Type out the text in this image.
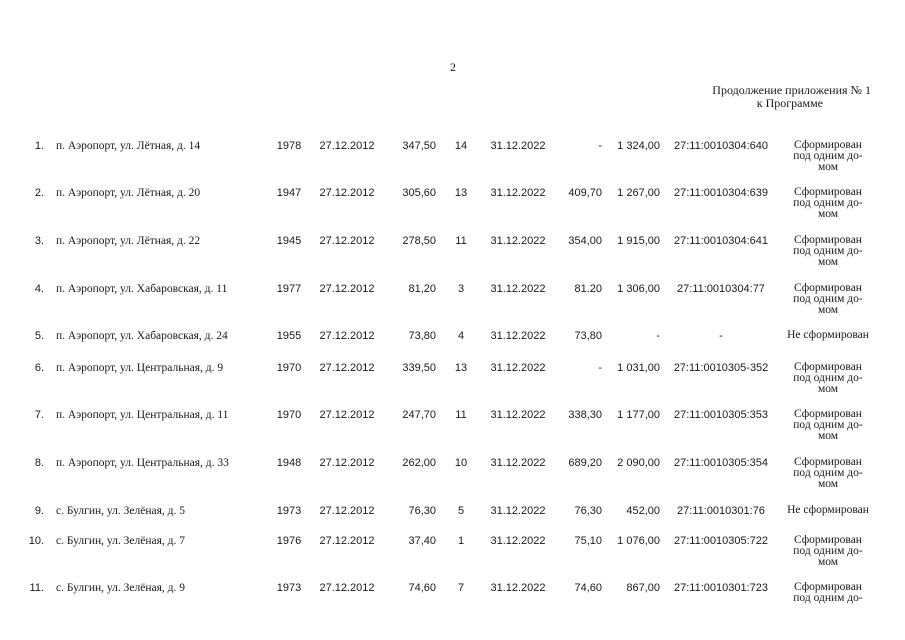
2
Продолжение приложения № 1
к Программе
1. п. Аэропорт, ул. Лётная, д. 14	1978	27.12.2012	347,50	14	31.12.2022	-	1 324,00	27:11:0010304:640	Сформирован
под одним до-
мом
2. п. Аэропорт, ул. Лётная, д. 20	1947	27.12.2012	305,60	13	31.12.2022	409,70	1 267,00	27:11:0010304:639	Сформирован
под одним до-
мом
3. п. Аэропорт, ул. Лётная, д. 22	1945	27.12.2012	278,50	11	31.12.2022	354,00	1 915,00	27:11:0010304:641	Сформирован
под одним до-
мом
4. п. Аэропорт, ул. Хабаровская, д. 11	1977	27.12.2012	81,20	3	31.12.2022	81.20	1 306,00	27:11:0010304:77	Сформирован
под одним до-
мом
5. п. Аэропорт, ул. Хабаровская, д. 24	1955	27.12.2012	73,80	4	31.12.2022	73,80	-	-	Не сформирован
6. п. Аэропорт, ул. Центральная, д. 9	1970	27.12.2012	339,50	13	31.12.2022	-	1 031,00	27:11:0010305-352	Сформирован
под одним до-
мом
7. п. Аэропорт, ул. Центральная, д. 11	1970	27.12.2012	247,70	11	31.12.2022	338,30	1 177,00	27:11:0010305:353	Сформирован
под одним до-
мом
8. п. Аэропорт, ул. Центральная, д. 33	1948	27.12.2012	262,00	10	31.12.2022	689,20	2 090,00	27:11:0010305:354	Сформирован
под одним до-
мом
9. с. Булгин, ул. Зелёная, д. 5	1973	27.12.2012	76,30	5	31.12.2022	76,30	452,00	27:11:0010301:76	Не сформирован
10. с. Булгин, ул. Зелёная, д. 7	1976	27.12.2012	37,40	1	31.12.2022	75,10	1 076,00	27:11:0010305:722	Сформирован
под одним до-
мом
11. с. Булгин, ул. Зелёная, д. 9	1973	27.12.2012	74,60	7	31.12.2022	74,60	867,00	27:11:0010301:723	Сформирован
под одним до-
